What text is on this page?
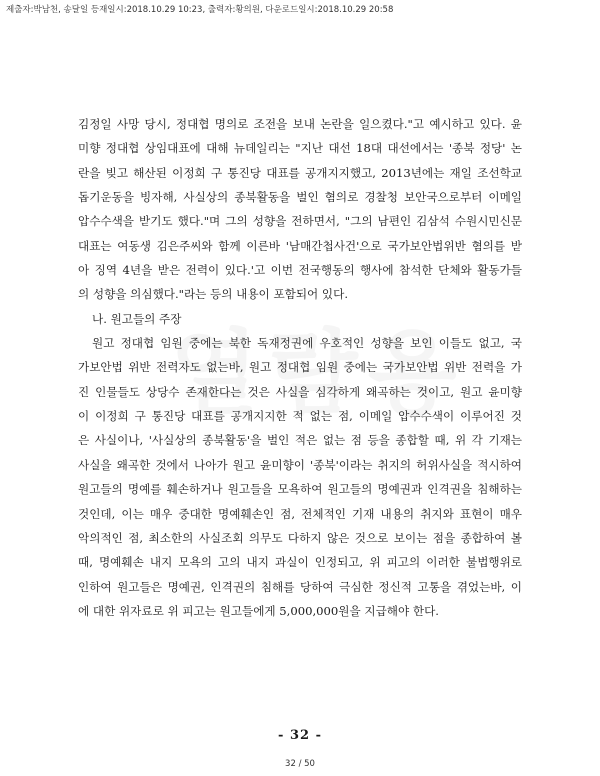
제출자:박남천, 송달일 등재일시:2018.10.29 10:23, 출력자:황의원, 다운로드일시:2018.10.29 20:58
김정일 사망 당시, 정대협 명의로 조전을 보내 논란을 일으켰다."고 예시하고 있다. 윤
미향 정대협 상임대표에 대해 뉴데일리는 "지난 대선 18대 대선에서는 '종북 정당' 논
란을 빚고 해산된 이정희 구 통진당 대표를 공개지지했고, 2013년에는 재일 조선학교
돕기운동을 빙자해, 사실상의 종북활동을 벌인 혐의로 경찰청 보안국으로부터 이메일
압수수색을 받기도 했다."며 그의 성향을 전하면서, "그의 남편인 김삼석 수원시민신문
대표는 여동생 김은주씨와 함께 이른바 '남매간첩사건'으로 국가보안법위반 혐의를 받
아 징역 4년을 받은 전력이 있다.'고 이번 전국행동의 행사에 참석한 단체와 활동가들
의 성향을 의심했다."라는 등의 내용이 포함되어 있다.
나. 원고들의 주장
원고 정대협 임원 중에는 북한 독재정권에 우호적인 성향을 보인 이들도 없고, 국
가보안법 위반 전력자도 없는바, 원고 정대협 임원 중에는 국가보안법 위반 전력을 가
진 인물들도 상당수 존재한다는 것은 사실을 심각하게 왜곡하는 것이고, 원고 윤미향
이 이정희 구 통진당 대표를 공개지지한 적 없는 점, 이메일 압수수색이 이루어진 것
은 사실이나, '사실상의 종북활동'을 벌인 적은 없는 점 등을 종합할 때, 위 각 기재는
사실을 왜곡한 것에서 나아가 원고 윤미향이 '종북'이라는 취지의 허위사실을 적시하여
원고들의 명예를 훼손하거나 원고들을 모욕하여 원고들의 명예권과 인격권을 침해하는
것인데, 이는 매우 중대한 명예훼손인 점, 전체적인 기재 내용의 취지와 표현이 매우
악의적인 점, 최소한의 사실조회 의무도 다하지 않은 것으로 보이는 점을 종합하여 볼
때, 명예훼손 내지 모욕의 고의 내지 과실이 인정되고, 위 피고의 이러한 불법행위로
인하여 원고들은 명예권, 인격권의 침해를 당하여 극심한 정신적 고통을 겪었는바, 이
에 대한 위자료로 위 피고는 원고들에게 5,000,000원을 지급해야 한다.
- 32 -
32 / 50
